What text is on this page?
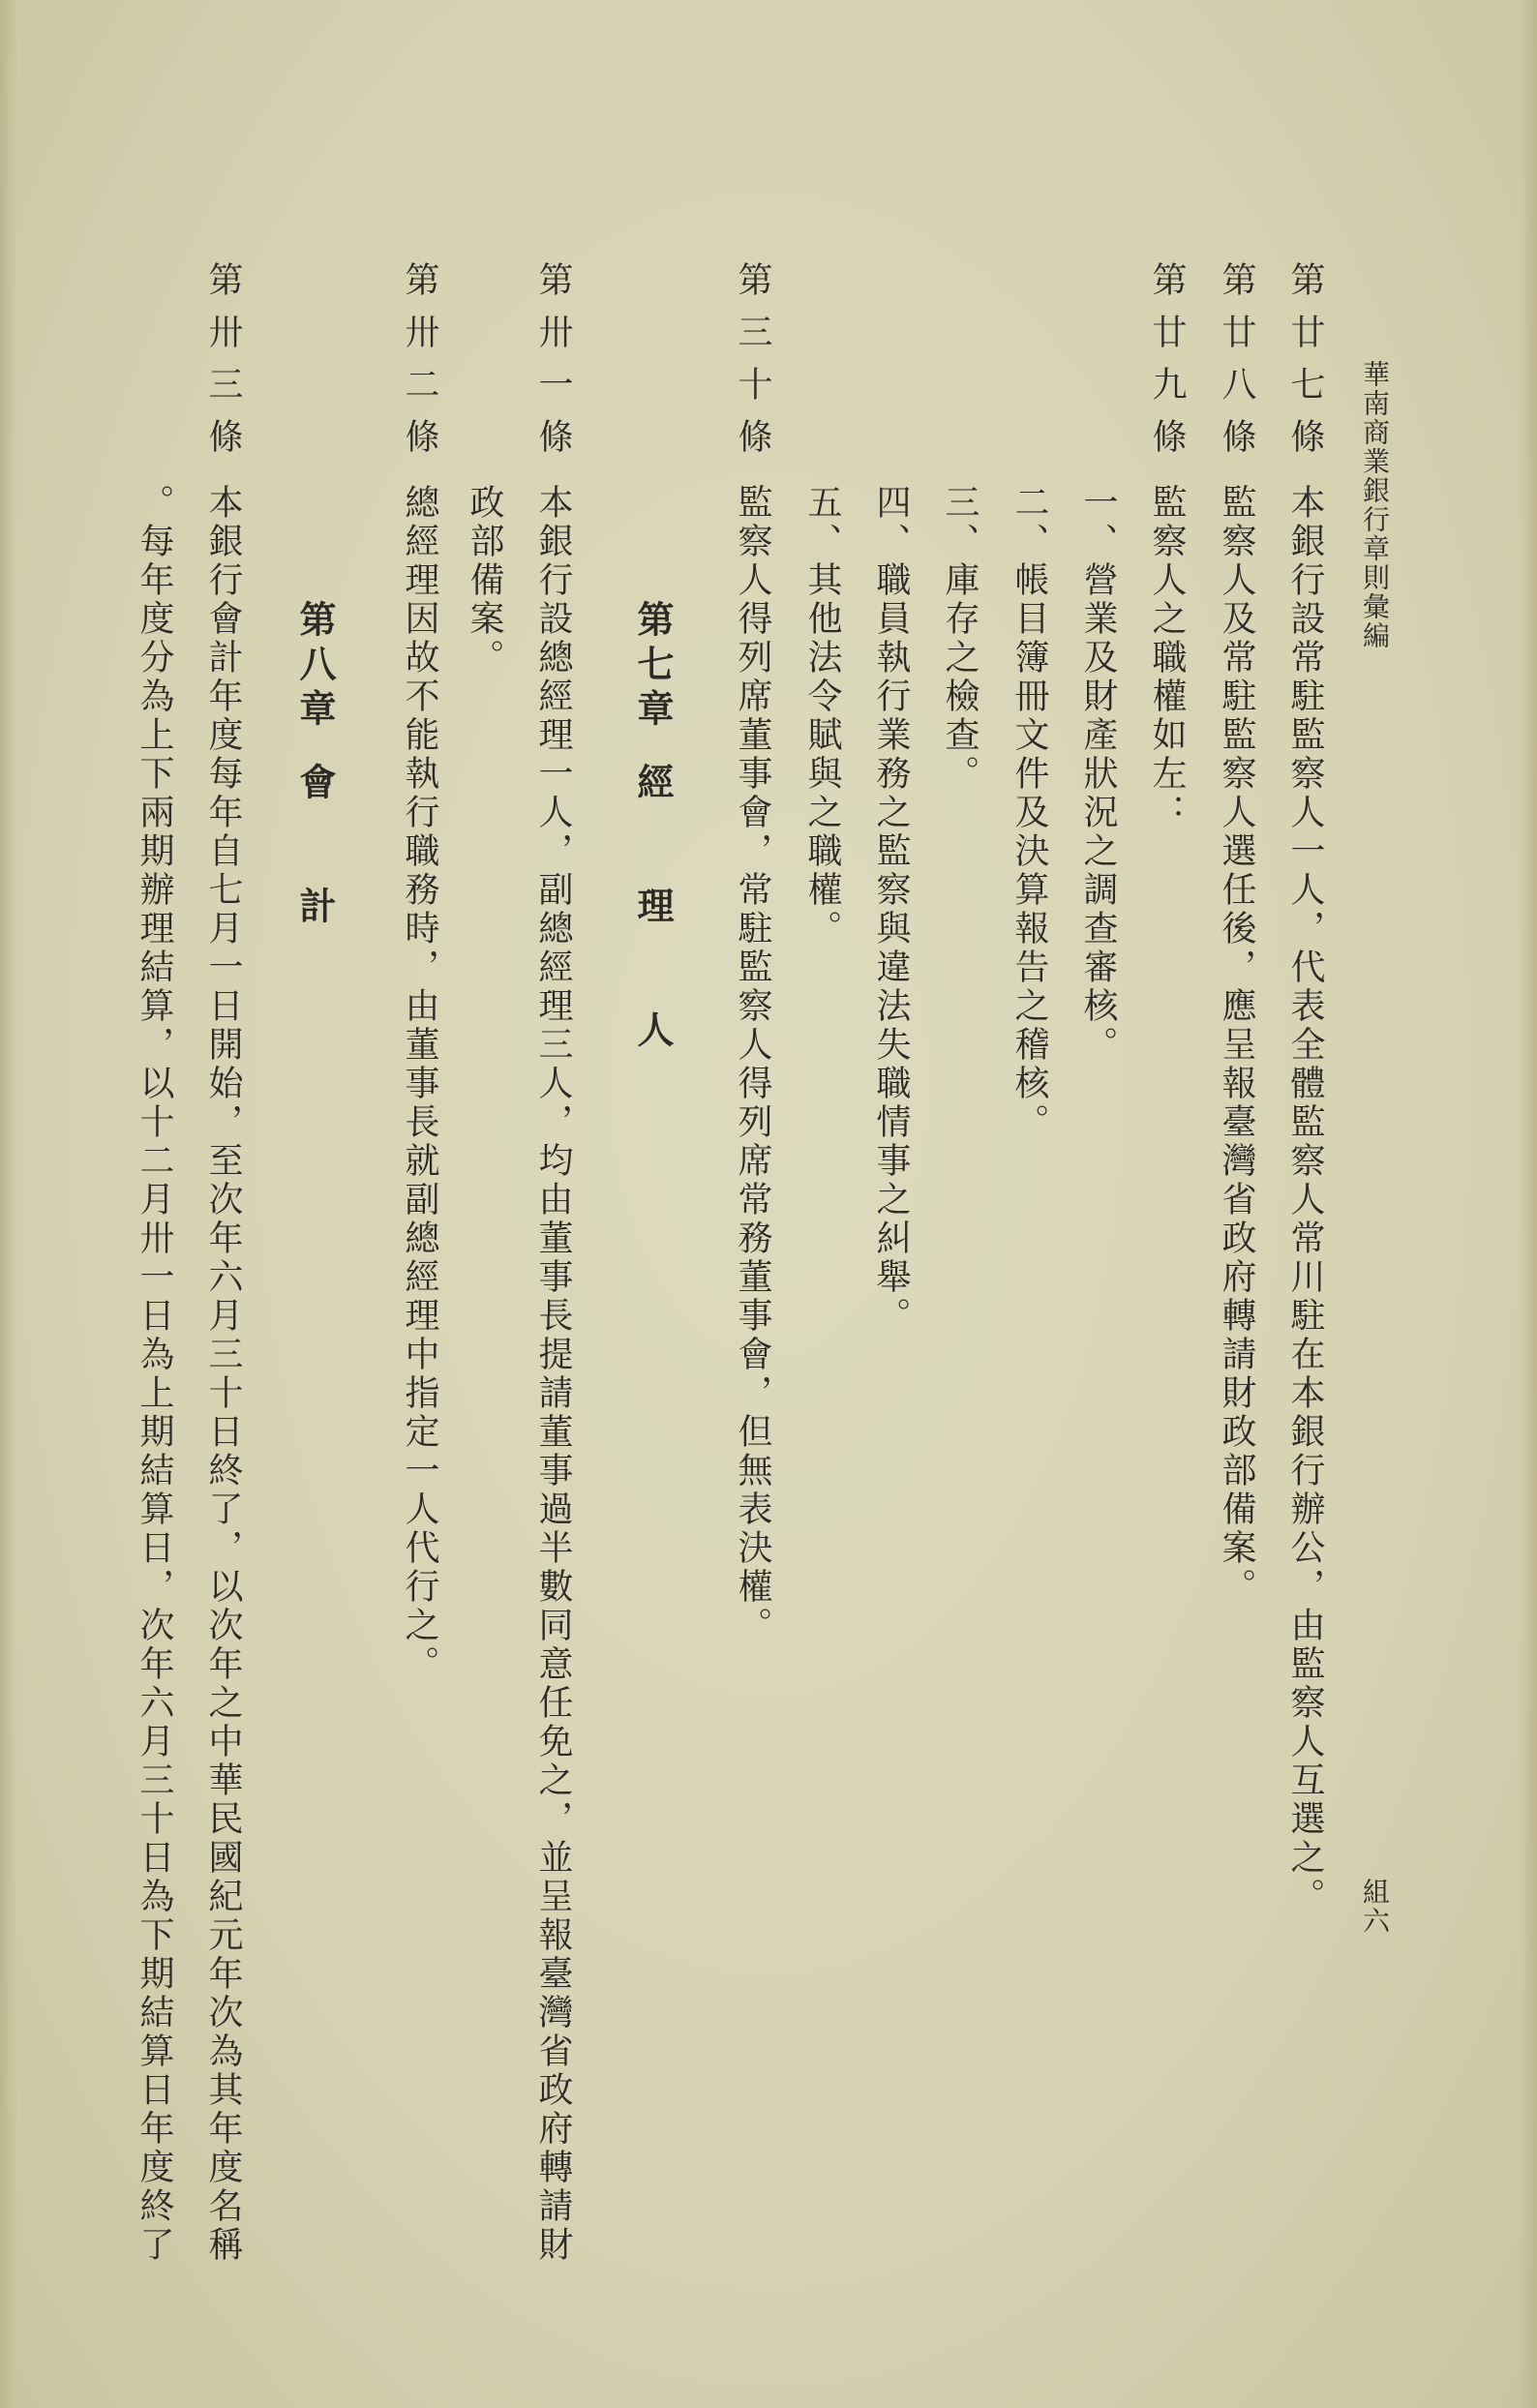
華南商業銀行章則彙編
組六
第廿七條本銀行設常駐監察人一人，代表全體監察人常川駐在本銀行辦公，由監察人互選之。
第廿八條監察人及常駐監察人選任後，應呈報臺灣省政府轉請財政部備案。
第廿九條監察人之職權如左：
一、營業及財產狀況之調查審核。
二、帳目簿冊文件及決算報告之稽核。
三、庫存之檢查。
四、職員執行業務之監察與違法失職情事之糾舉。
五、其他法令賦與之職權。
第三十條監察人得列席董事會，常駐監察人得列席常務董事會，但無表決權。
第七章經理人
第卅一條本銀行設總經理一人，副總經理三人，均由董事長提請董事過半數同意任免之，並呈報臺灣省政府轉請財
政部備案。
第卅二條總經理因故不能執行職務時，由董事長就副總經理中指定一人代行之。
第八章會計
第卅三條本銀行會計年度每年自七月一日開始，至次年六月三十日終了，以次年之中華民國紀元年次為其年度名稱
。每年度分為上下兩期辦理結算，以十二月卅一日為上期結算日，次年六月三十日為下期結算日年度終了
